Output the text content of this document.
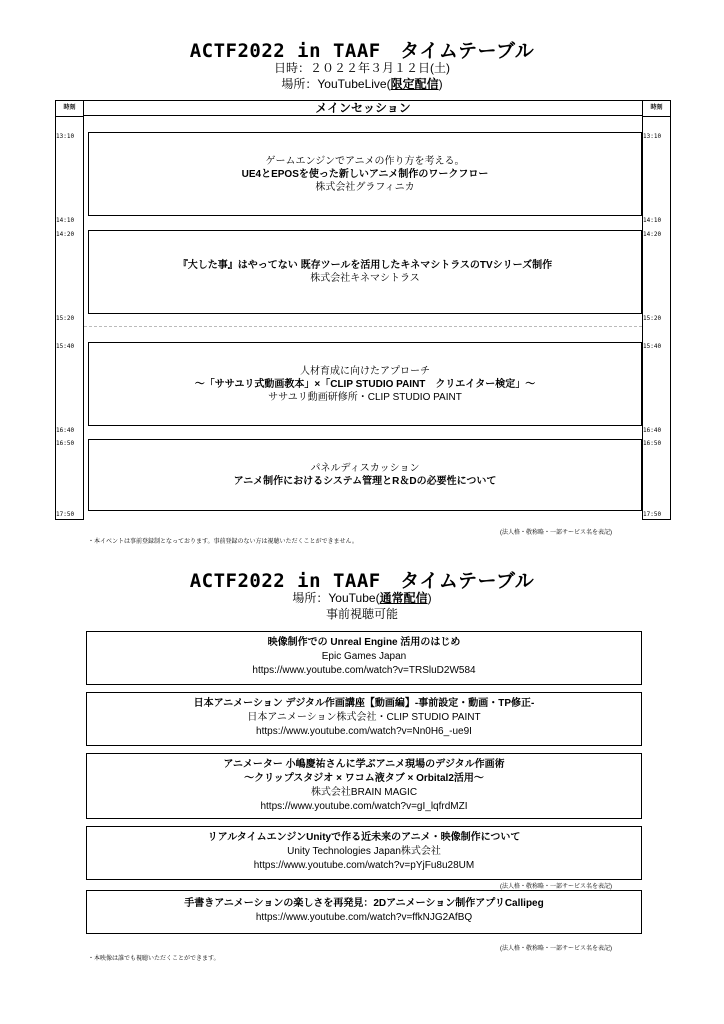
ACTF2022 in TAAF　タイムテーブル
日時：２０２２年３月１２日(土)
場所：YouTubeLive(限定配信)
時刻	メインセッション	時刻
13:10	13:10
ゲームエンジンでアニメの作り方を考える。
UE4とEPOSを使った新しいアニメ制作のワークフロー
株式会社グラフィニカ
14:10	14:10
14:20	14:20
『大した事』はやってない 既存ツールを活用したキネマシトラスのTVシリーズ制作
株式会社キネマシトラス
15:20	15:20
15:40	15:40
人材育成に向けたアプローチ
～「ササユリ式動画教本」×「CLIP STUDIO PAINT　クリエイター検定」～
ササユリ動画研修所・CLIP STUDIO PAINT
16:40	16:40
16:50	16:50
パネルディスカッション
アニメ制作におけるシステム管理とR＆Dの必要性について
17:50	17:50
(法人格・敬称略・一部サービス名を表記)
・本イベントは事前登録制となっております。事前登録のない方は視聴いただくことができません。
ACTF2022 in TAAF　タイムテーブル
場所：YouTube(通常配信)
事前視聴可能
映像制作での Unreal Engine 活用のはじめ
Epic Games Japan
https://www.youtube.com/watch?v=TRSluD2W584
日本アニメーション デジタル作画講座【動画編】-事前設定・動画・TP修正-
日本アニメーション株式会社・CLIP STUDIO PAINT
https://www.youtube.com/watch?v=Nn0H6_-ue9I
アニメーター 小嶋慶祐さんに学ぶアニメ現場のデジタル作画術
～クリップスタジオ × ワコム液タブ × Orbital2活用～
株式会社BRAIN MAGIC
https://www.youtube.com/watch?v=gI_lqfrdMZI
リアルタイムエンジンUnityで作る近未来のアニメ・映像制作について
Unity Technologies Japan株式会社
https://www.youtube.com/watch?v=pYjFu8u28UM
(法人格・敬称略・一部サービス名を表記)
手書きアニメーションの楽しさを再発見：2Dアニメーション制作アプリCallipeg
https://www.youtube.com/watch?v=ffkNJG2AfBQ
(法人格・敬称略・一部サービス名を表記)
・本映像は誰でも視聴いただくことができます。
